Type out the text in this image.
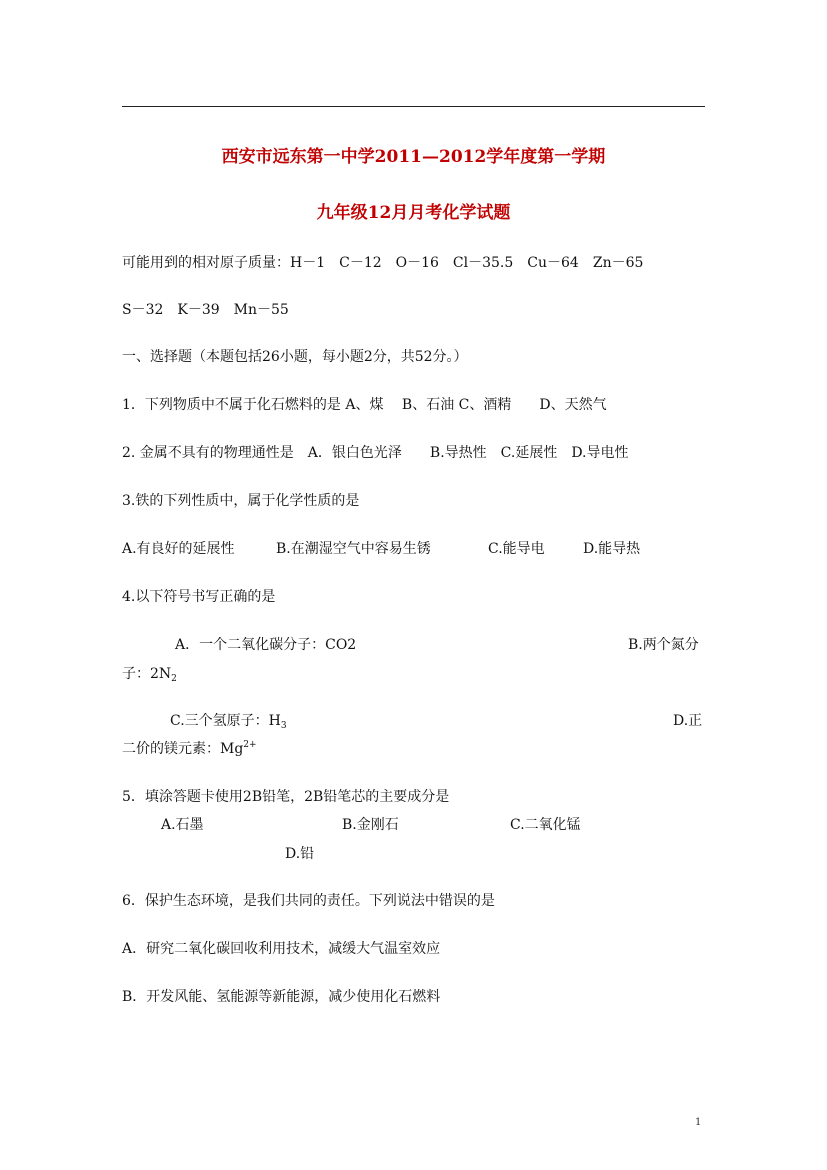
西安市远东第一中学2011—2012学年度第一学期
九年级12月月考化学试题
可能用到的相对原子质量：H－1　C－12　O－16　Cl－35.5　Cu－64　Zn－65
S－32　K－39　Mn－55
一、选择题（本题包括26小题，每小题2分，共52分。）
1．下列物质中不属于化石燃料的是 A、煤　 B、石油 C、酒精　　D、天然气
2. 金属不具有的物理通性是　A．银白色光泽　　B.导热性　C.延展性　D.导电性
3.铁的下列性质中，属于化学性质的是
A.有良好的延展性	B.在潮湿空气中容易生锈	C.能导电	D.能导热
4.以下符号书写正确的是
A．一个二氧化碳分子：CO2	B.两个氮分
子：$2N_2$
C.三个氢原子：$H_3$	D.正
二价的镁元素：$Mg^{2+}$
5．填涂答题卡使用2B铅笔，2B铅笔芯的主要成分是
A.石墨	B.金刚石	C.二氧化锰
D.铅
6．保护生态环境，是我们共同的责任。下列说法中错误的是
A．研究二氧化碳回收利用技术，减缓大气温室效应
B．开发风能、氢能源等新能源，减少使用化石燃料
1
